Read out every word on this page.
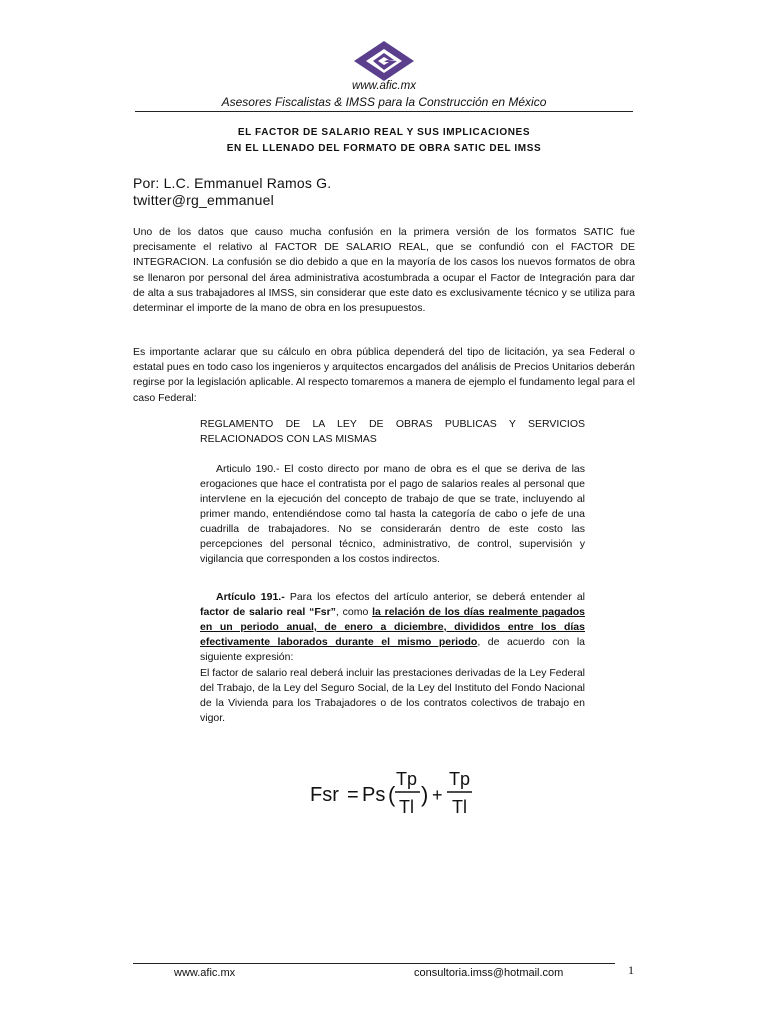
www.afic.mx
Asesores Fiscalistas & IMSS para la Construcción en México
EL FACTOR DE SALARIO REAL Y SUS IMPLICACIONES
EN EL LLENADO DEL FORMATO DE OBRA SATIC DEL IMSS
Por: L.C. Emmanuel Ramos G.
twitter@rg_emmanuel
Uno de los datos que causo mucha confusión en la primera versión de los formatos SATIC fue precisamente el relativo al FACTOR DE SALARIO REAL, que se confundió con el FACTOR DE INTEGRACION. La confusión se dio debido a que en la mayoría de los casos los nuevos formatos de obra se llenaron por personal del área administrativa acostumbrada a ocupar el Factor de Integración para dar de alta a sus trabajadores al IMSS, sin considerar que este dato es exclusivamente técnico y se utiliza para determinar el importe de la mano de obra en los presupuestos.
Es importante aclarar que su cálculo en obra pública dependerá del tipo de licitación, ya sea Federal o estatal pues en todo caso los ingenieros y arquitectos encargados del análisis de Precios Unitarios deberán regirse por la legislación aplicable. Al respecto tomaremos a manera de ejemplo el fundamento legal para el caso Federal:
REGLAMENTO DE LA LEY DE OBRAS PUBLICAS Y SERVICIOS RELACIONADOS CON LAS MISMAS
Articulo 190.- El costo directo por mano de obra es el que se deriva de las erogaciones que hace el contratista por el pago de salarios reales al personal que intervIene en la ejecución del concepto de trabajo de que se trate, incluyendo al primer mando, entendiéndose como tal hasta la categoría de cabo o jefe de una cuadrilla de trabajadores. No se considerarán dentro de este costo las percepciones del personal técnico, administrativo, de control, supervisión y vigilancia que corresponden a los costos indirectos.
Artículo 191.- Para los efectos del artículo anterior, se deberá entender al factor de salario real “Fsr”, como la relación de los días realmente pagados en un periodo anual, de enero a diciembre, divididos entre los días efectivamente laborados durante el mismo periodo, de acuerdo con la siguiente expresión:
El factor de salario real deberá incluir las prestaciones derivadas de la Ley Federal del Trabajo, de la Ley del Seguro Social, de la Ley del Instituto del Fondo Nacional de la Vivienda para los Trabajadores o de los contratos colectivos de trabajo en vigor.
Fsr = Ps (
Tp
Tl ) +
Tp
Tl
www.afic.mx	consultoria.imss@hotmail.com	1
